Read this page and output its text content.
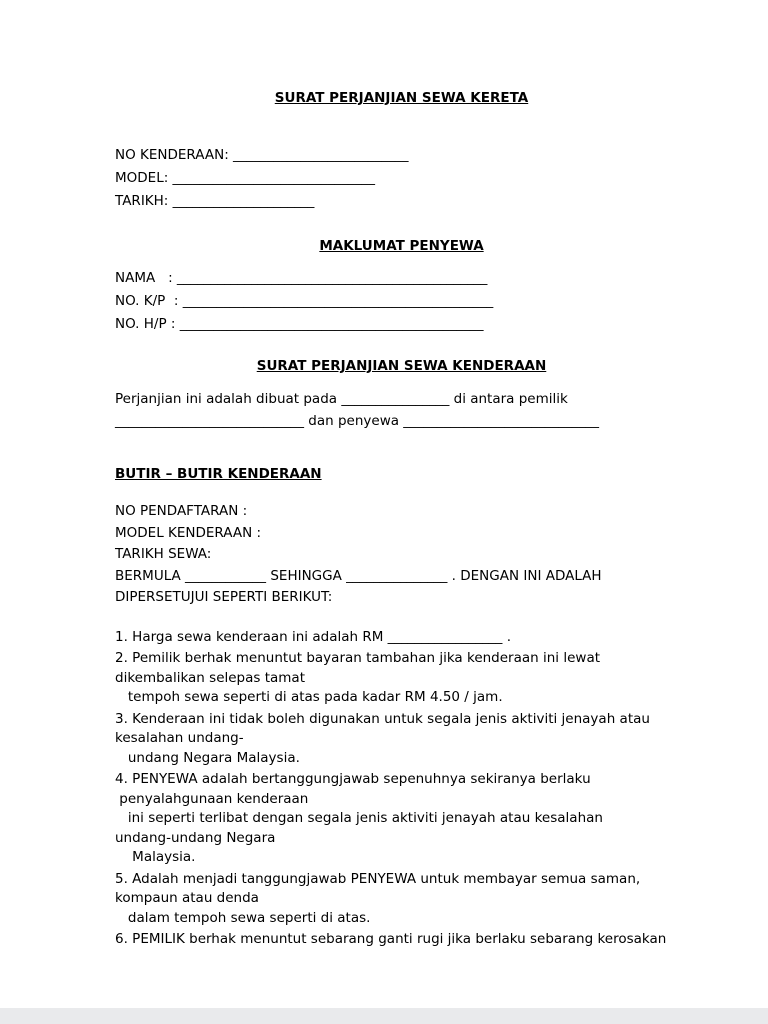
SURAT PERJANJIAN SEWA KERETA
NO KENDERAAN: __________________________
MODEL: ______________________________
TARIKH: _____________________
MAKLUMAT PENYEWA
NAMA   : ______________________________________________
NO. K/P  : ______________________________________________
NO. H/P : _____________________________________________
SURAT PERJANJIAN SEWA KENDERAAN
Perjanjian ini adalah dibuat pada ________________ di antara pemilik
____________________________ dan penyewa _____________________________
BUTIR – BUTIR KENDERAAN
NO PENDAFTARAN :
MODEL KENDERAAN :
TARIKH SEWA:
BERMULA ____________ SEHINGGA _______________ . DENGAN INI ADALAH
DIPERSETUJUI SEPERTI BERIKUT:
1. Harga sewa kenderaan ini adalah RM _________________ .
2. Pemilik berhak menuntut bayaran tambahan jika kenderaan ini lewat
dikembalikan selepas tamat
tempoh sewa seperti di atas pada kadar RM 4.50 / jam.
3. Kenderaan ini tidak boleh digunakan untuk segala jenis aktiviti jenayah atau
kesalahan undang-
undang Negara Malaysia.
4. PENYEWA adalah bertanggungjawab sepenuhnya sekiranya berlaku
penyalahgunaan kenderaan
ini seperti terlibat dengan segala jenis aktiviti jenayah atau kesalahan
undang-undang Negara
Malaysia.
5. Adalah menjadi tanggungjawab PENYEWA untuk membayar semua saman,
kompaun atau denda
dalam tempoh sewa seperti di atas.
6. PEMILIK berhak menuntut sebarang ganti rugi jika berlaku sebarang kerosakan
